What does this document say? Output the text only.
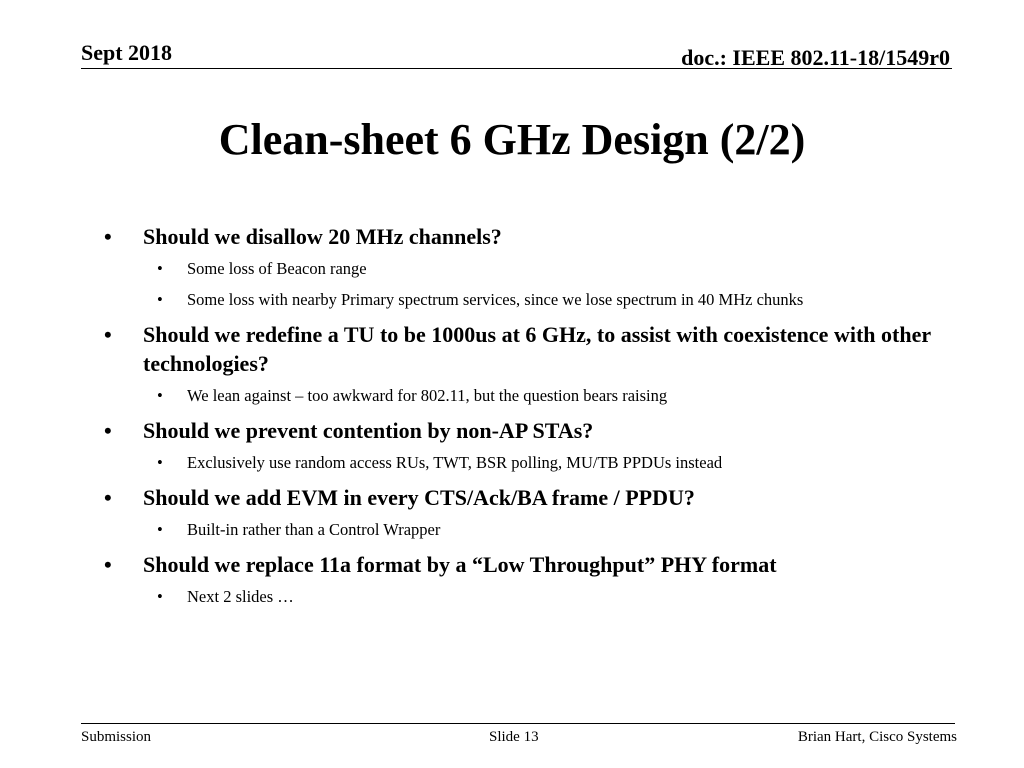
Sept 2018	doc.: IEEE 802.11-18/1549r0
Clean-sheet 6 GHz Design (2/2)
• Should we disallow 20 MHz channels?
• Some loss of Beacon range
• Some loss with nearby Primary spectrum services, since we lose spectrum in 40 MHz chunks
• Should we redefine a TU to be 1000us at 6 GHz, to assist with coexistence with other technologies?
• We lean against – too awkward for 802.11, but the question bears raising
• Should we prevent contention by non-AP STAs?
• Exclusively use random access RUs, TWT, BSR polling, MU/TB PPDUs instead
• Should we add EVM in every CTS/Ack/BA frame / PPDU?
• Built-in rather than a Control Wrapper
• Should we replace 11a format by a “Low Throughput” PHY format
• Next 2 slides …
Submission	Slide 13	Brian Hart, Cisco Systems
